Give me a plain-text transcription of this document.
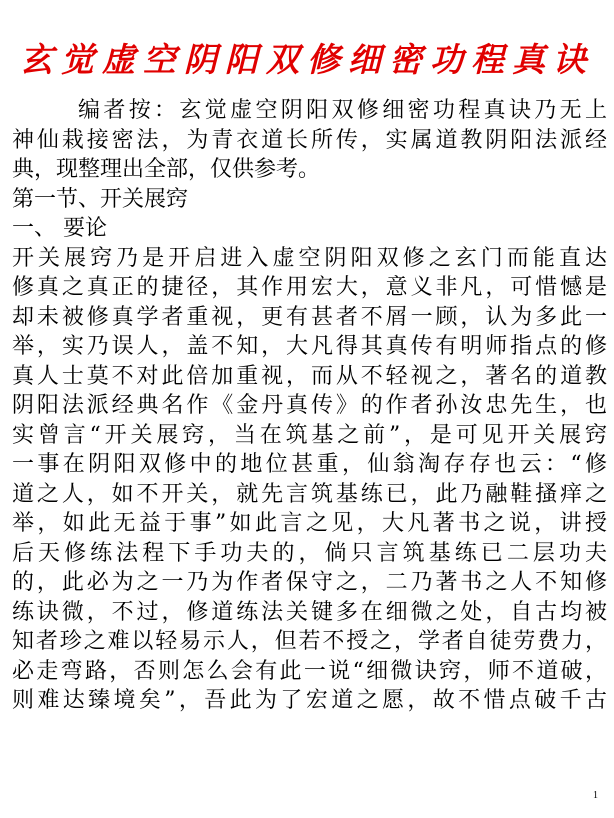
玄觉虚空阴阳双修细密功程真诀
编者按：玄觉虚空阴阳双修细密功程真诀乃无上
神仙栽接密法，为青衣道长所传，实属道教阴阳法派经
典，现整理出全部，仅供参考。
第一节、开关展窍
一、 要论
开关展窍乃是开启进入虚空阴阳双修之玄门而能直达
修真之真正的捷径，其作用宏大，意义非凡，可惜憾是
却未被修真学者重视，更有甚者不屑一顾，认为多此一
举，实乃误人，盖不知，大凡得其真传有明师指点的修
真人士莫不对此倍加重视，而从不轻视之，著名的道教
阴阳法派经典名作《金丹真传》的作者孙汝忠先生，也
实曾言“开关展窍，当在筑基之前”，是可见开关展窍
一事在阴阳双修中的地位甚重，仙翁淘存存也云：“修
道之人，如不开关，就先言筑基练已，此乃融鞋搔痒之
举，如此无益于事”如此言之见，大凡著书之说，讲授
后天修练法程下手功夫的，倘只言筑基练已二层功夫
的，此必为之一乃为作者保守之，二乃著书之人不知修
练诀微，不过，修道练法关键多在细微之处，自古均被
知者珍之难以轻易示人，但若不授之，学者自徒劳费力，
必走弯路，否则怎么会有此一说“细微诀窍，师不道破，
则难达臻境矣”，吾此为了宏道之愿，故不惜点破千古
1
